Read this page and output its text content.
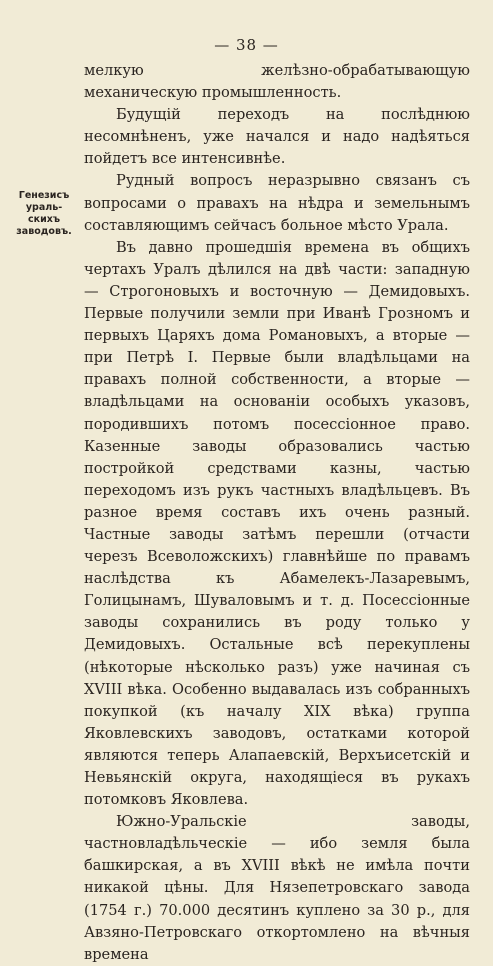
— 38 —
Генезисъ ураль-
скихъ заводовъ.

мелкую желѣзно-обрабатывающую механическую промышленность.

Будущій переходъ на послѣднюю несомнѣненъ, уже начался и надо надѣяться пойдетъ все интенсивнѣе.

Рудный вопросъ неразрывно связанъ съ вопросами о правахъ на нѣдра и земельнымъ составляющимъ сейчасъ больное мѣсто Урала.

Въ давно прошедшія времена въ общихъ чертахъ Уралъ дѣлился на двѣ части: западную — Строгоновыхъ и восточную — Демидовыхъ. Первые получили земли при Иванѣ Грозномъ и первыхъ Царяхъ дома Романовыхъ, а вторые — при Петрѣ I. Первые были владѣльцами на правахъ полной собственности, а вторые — владѣльцами на основаніи особыхъ указовъ, породившихъ потомъ посессіонное право. Казенные заводы образовались частью постройкой средствами казны, частью переходомъ изъ рукъ частныхъ владѣльцевъ. Въ разное время составъ ихъ очень разный. Частные заводы затѣмъ перешли (отчасти черезъ Всеволожскихъ) главнѣйше по правамъ наслѣдства къ Абамелекъ-Лазаревымъ, Голицынамъ, Шуваловымъ и т. д. Посессіонные заводы сохранились въ роду только у Демидовыхъ. Остальные всѣ перекуплены (нѣкоторые нѣсколько разъ) уже начиная съ XVIII вѣка. Особенно выдавалась изъ собранныхъ покупкой (къ началу XIX вѣка) группа Яковлевскихъ заводовъ, остатками которой являются теперь Алапаевскій, Верхъисетскій и Невьянскій округа, находящіеся въ рукахъ потомковъ Яковлева.

Южно-Уральскіе заводы, частновладѣльческіе — ибо земля была башкирская, а въ XVIII вѣкѣ не имѣла почти никакой цѣны. Для Нязепетровскаго завода (1754 г.) 70.000 десятинъ куплено за 30 р., для Авзяно-Петровскаго откортомлено на вѣчныя времена
